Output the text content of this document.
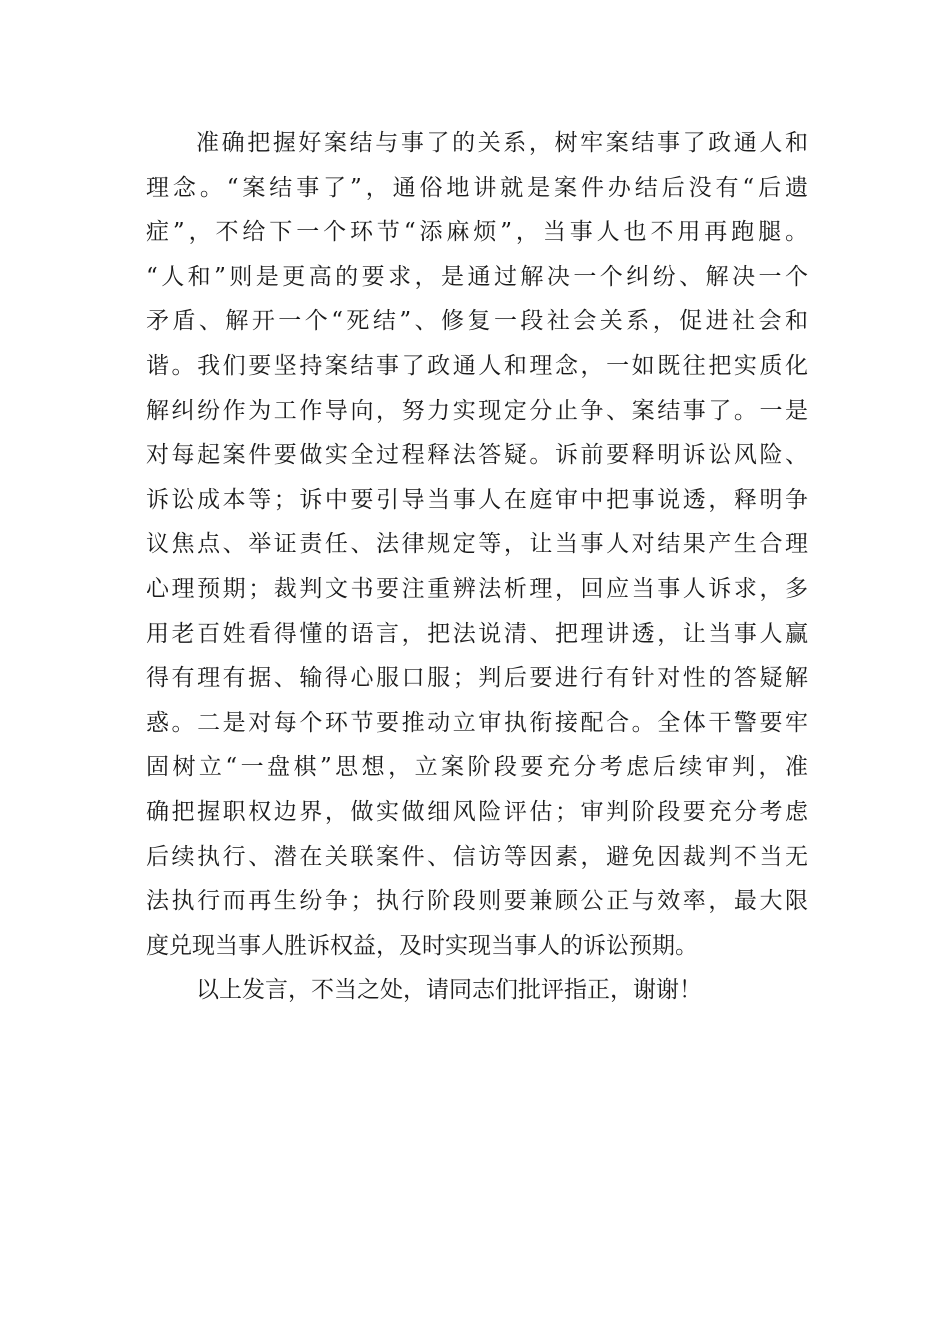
准确把握好案结与事了的关系，树牢案结事了政通人和
理念。“案结事了”，通俗地讲就是案件办结后没有“后遗
症”，不给下一个环节“添麻烦”，当事人也不用再跑腿。
“人和”则是更高的要求，是通过解决一个纠纷、解决一个
矛盾、解开一个“死结”、修复一段社会关系，促进社会和
谐。我们要坚持案结事了政通人和理念，一如既往把实质化
解纠纷作为工作导向，努力实现定分止争、案结事了。一是
对每起案件要做实全过程释法答疑。诉前要释明诉讼风险、
诉讼成本等；诉中要引导当事人在庭审中把事说透，释明争
议焦点、举证责任、法律规定等，让当事人对结果产生合理
心理预期；裁判文书要注重辨法析理，回应当事人诉求，多
用老百姓看得懂的语言，把法说清、把理讲透，让当事人赢
得有理有据、输得心服口服；判后要进行有针对性的答疑解
惑。二是对每个环节要推动立审执衔接配合。全体干警要牢
固树立“一盘棋”思想，立案阶段要充分考虑后续审判，准
确把握职权边界，做实做细风险评估；审判阶段要充分考虑
后续执行、潜在关联案件、信访等因素，避免因裁判不当无
法执行而再生纷争；执行阶段则要兼顾公正与效率，最大限
度兑现当事人胜诉权益，及时实现当事人的诉讼预期。
以上发言，不当之处，请同志们批评指正，谢谢！
